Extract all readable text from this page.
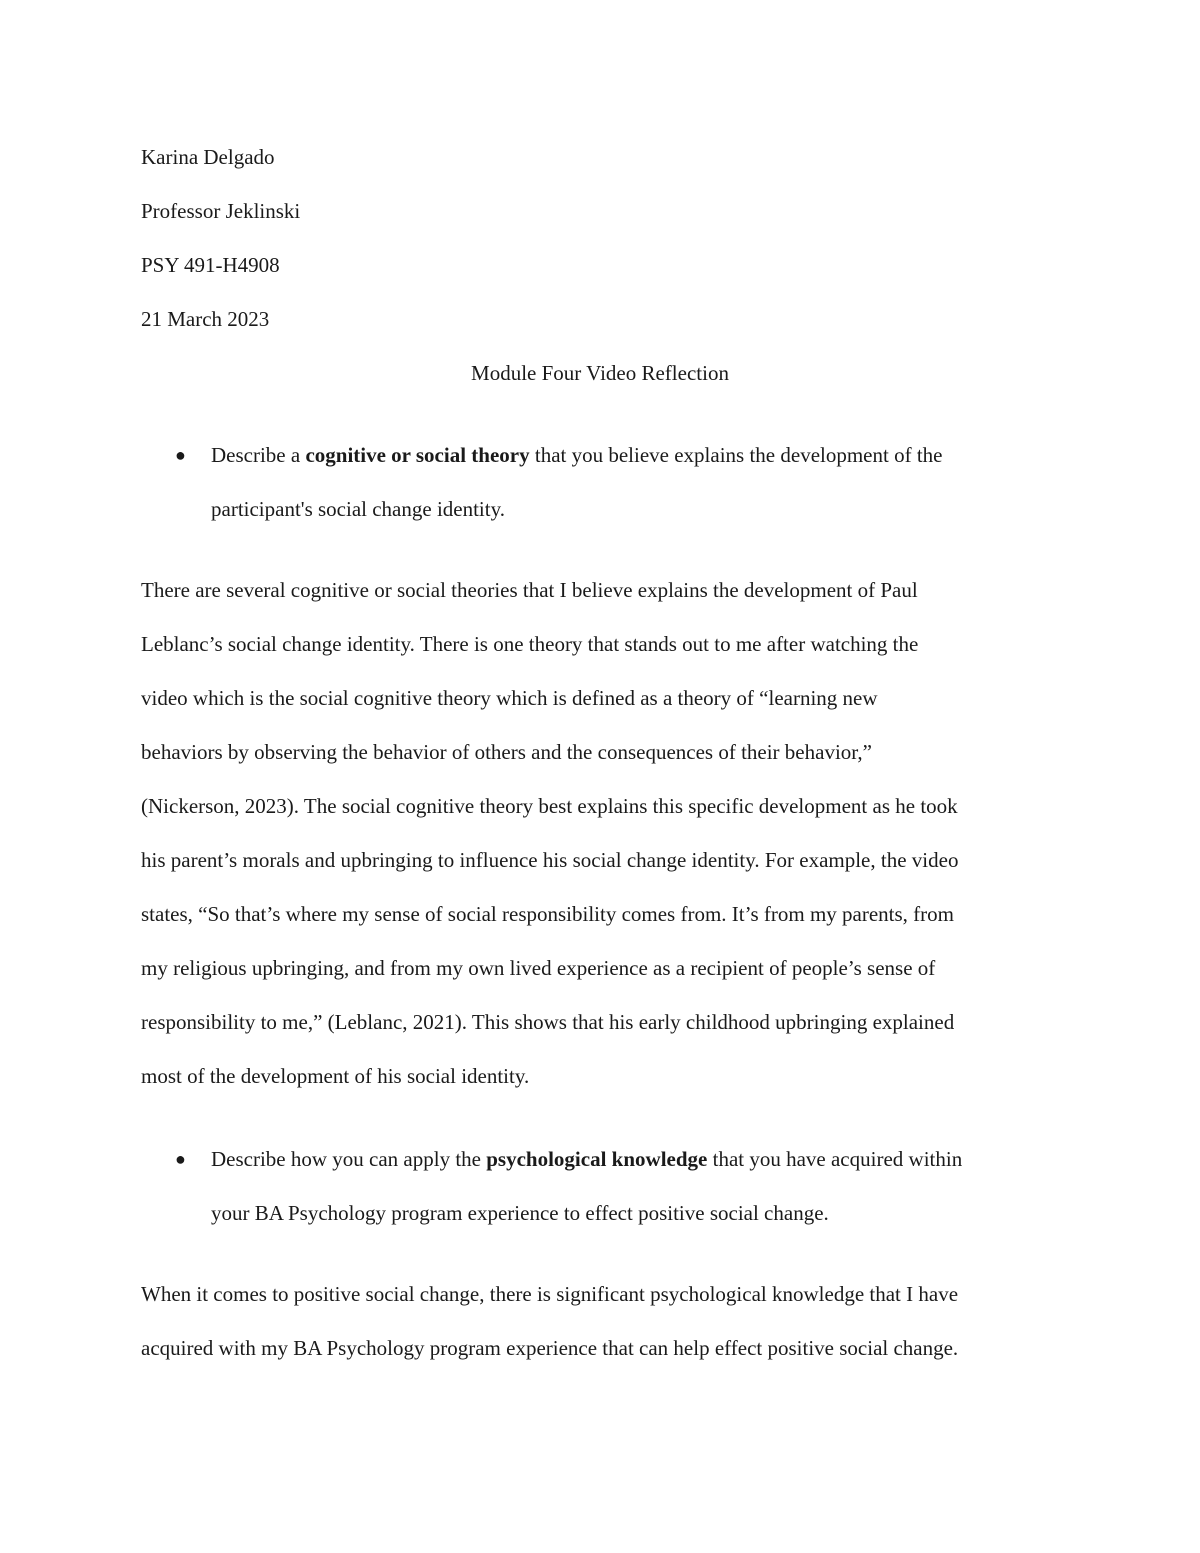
Karina Delgado
Professor Jeklinski
PSY 491-H4908
21 March 2023
Module Four Video Reflection
● Describe a cognitive or social theory that you believe explains the development of the
participant's social change identity.
There are several cognitive or social theories that I believe explains the development of Paul
Leblanc’s social change identity. There is one theory that stands out to me after watching the
video which is the social cognitive theory which is defined as a theory of “learning new
behaviors by observing the behavior of others and the consequences of their behavior,”
(Nickerson, 2023). The social cognitive theory best explains this specific development as he took
his parent’s morals and upbringing to influence his social change identity. For example, the video
states, “So that’s where my sense of social responsibility comes from. It’s from my parents, from
my religious upbringing, and from my own lived experience as a recipient of people’s sense of
responsibility to me,” (Leblanc, 2021). This shows that his early childhood upbringing explained
most of the development of his social identity.
● Describe how you can apply the psychological knowledge that you have acquired within
your BA Psychology program experience to effect positive social change.
When it comes to positive social change, there is significant psychological knowledge that I have
acquired with my BA Psychology program experience that can help effect positive social change.
